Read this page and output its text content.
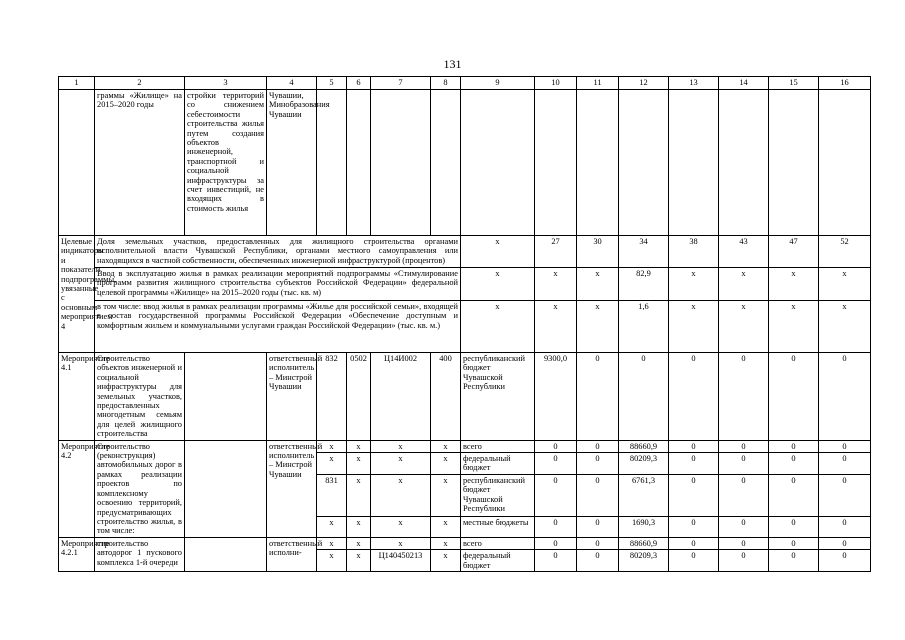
131
1	2	3	4	5	6	7	8	9	10	11	12	13	14	15	16
	граммы «Жилище» на 2015–2020 годы	стройки территорий со снижением себестоимости строительства жилья путем создания объектов инженерной, транспортной и социальной инфраструктуры за счет инвестиций, не входящих в стоимость жилья	Чувашии, Минобразования Чувашии												
Целевые индикаторы и показатели подпрограммы, увязанные с основным мероприятием 4	Доля земельных участков, предоставленных для жилищного строительства органами исполнительной власти Чувашской Республики, органами местного самоуправления или находящихся в частной собственности, обеспеченных инженерной инфраструктурой (процентов)							x	27	30	34	38	43	47	52
	Ввод в эксплуатацию жилья в рамках реализации мероприятий подпрограммы «Стимулирование программ развития жилищного строительства субъектов Российской Федерации» федеральной целевой программы «Жилище» на 2015–2020 годы (тыс. кв. м)							x	x	x	82,9	x	x	x	x
	в том числе: ввод жилья в рамках реализации программы «Жилье для российской семьи», входящей в состав государственной программы Российской Федерации «Обеспечение доступным и комфортным жильем и коммунальными услугами граждан Российской Федерации» (тыс. кв. м.)							x	x	x	1,6	x	x	x	x
Мероприятие 4.1	Строительство объектов инженерной и социальной инфраструктуры для земельных участков, предоставленных многодетным семьям для целей жилищного строительства		ответственный исполнитель – Минстрой Чувашии	832	0502	Ц14И002	400	республиканский бюджет Чувашской Республики	9300,0	0	0	0	0	0	0
Мероприятие 4.2	Строительство (реконструкция) автомобильных дорог в рамках реализации проектов по комплексному освоению территорий, предусматривающих строительство жилья, в том числе:		ответственный исполнитель – Минстрой Чувашии	x	x	x	x	всего	0	0	88660,9	0	0	0	0
				x	x	x	x	федеральный бюджет	0	0	80209,3	0	0	0	0
				831	x	x	x	республиканский бюджет Чувашской Республики	0	0	6761,3	0	0	0	0
				x	x	x	x	местные бюджеты	0	0	1690,3	0	0	0	0
Мероприятие 4.2.1	строительство автодорог 1 пускового комплекса 1-й очереди		ответственный исполни-	x	x	x	x	всего	0	0	88660,9	0	0	0	0
				x	x	Ц140450213	x	федеральный бюджет	0	0	80209,3	0	0	0	0
